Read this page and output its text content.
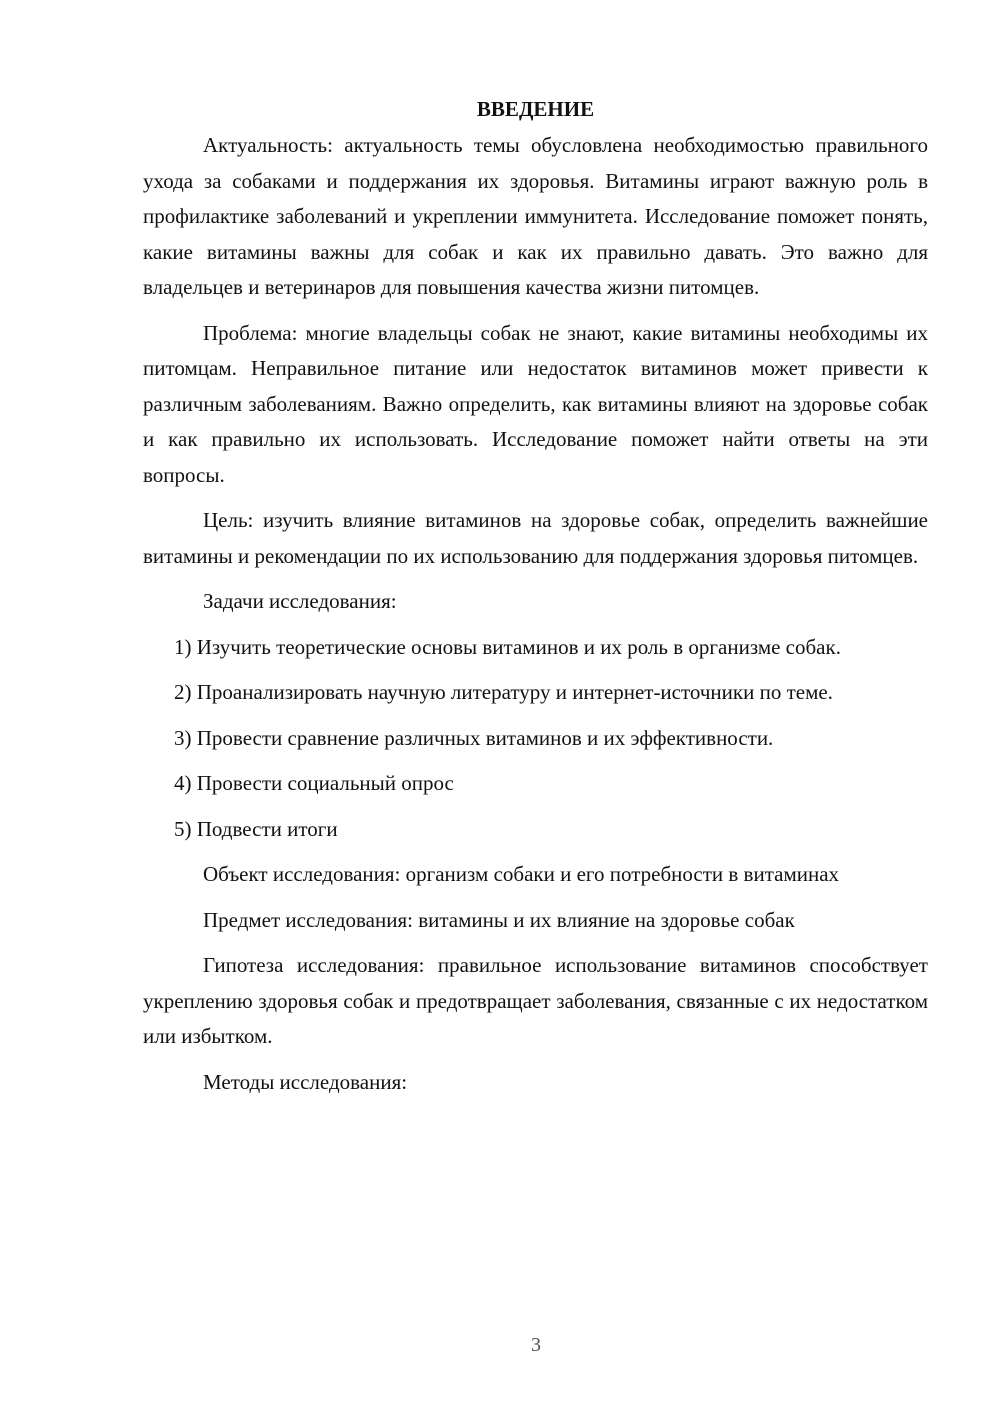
ВВЕДЕНИЕ

Актуальность: актуальность темы обусловлена необходимостью правильного ухода за собаками и поддержания их здоровья. Витамины играют важную роль в профилактике заболеваний и укреплении иммунитета. Исследование поможет понять, какие витамины важны для собак и как их правильно давать. Это важно для владельцев и ветеринаров для повышения качества жизни питомцев.

Проблема: многие владельцы собак не знают, какие витамины необходимы их питомцам. Неправильное питание или недостаток витаминов может привести к различным заболеваниям. Важно определить, как витамины влияют на здоровье собак и как правильно их использовать. Исследование поможет найти ответы на эти вопросы.

Цель: изучить влияние витаминов на здоровье собак, определить важнейшие витамины и рекомендации по их использованию для поддержания здоровья питомцев.

Задачи исследования:

1) Изучить теоретические основы витаминов и их роль в организме собак.

2) Проанализировать научную литературу и интернет-источники по теме.

3) Провести сравнение различных витаминов и их эффективности.

4) Провести социальный опрос

5) Подвести итоги

Объект исследования: организм собаки и его потребности в витаминах

Предмет исследования: витамины и их влияние на здоровье собак

Гипотеза исследования: правильное использование витаминов способствует укреплению здоровья собак и предотвращает заболевания, связанные с их недостатком или избытком.

Методы исследования:

3
